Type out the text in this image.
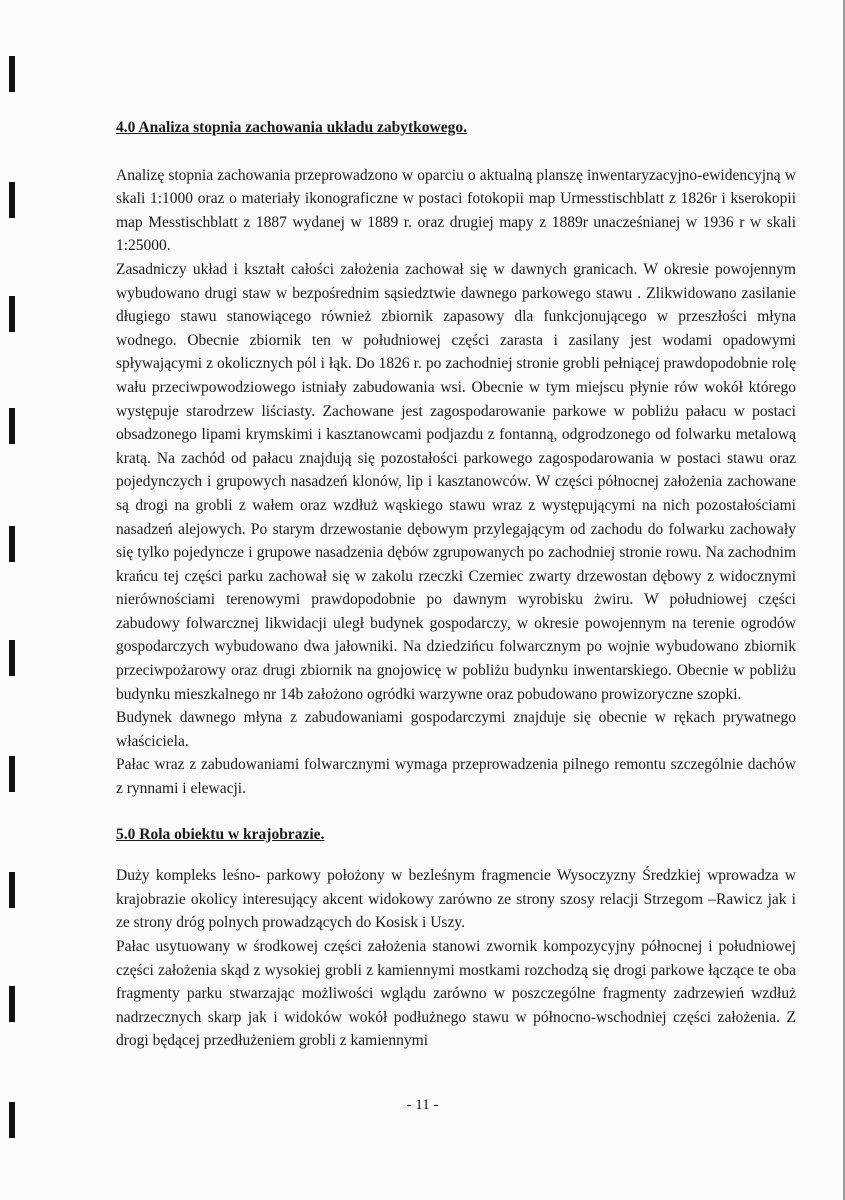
4.0 Analiza stopnia zachowania układu zabytkowego.

Analizę stopnia zachowania przeprowadzono w oparciu o aktualną planszę inwentaryzacyjno-ewidencyjną w skali 1:1000 oraz o materiały ikonograficzne w postaci fotokopii map Urmesstischblatt z 1826r i kserokopii map Messtischblatt z 1887 wydanej w 1889 r. oraz drugiej mapy z 1889r unacześnianej w 1936 r w skali 1:25000.

Zasadniczy układ i kształt całości założenia zachował się w dawnych granicach. W okresie powojennym wybudowano drugi staw w bezpośrednim sąsiedztwie dawnego parkowego stawu . Zlikwidowano zasilanie długiego stawu stanowiącego również zbiornik zapasowy dla funkcjonującego w przeszłości młyna wodnego. Obecnie zbiornik ten w południowej części zarasta i zasilany jest wodami opadowymi spływającymi z okolicznych pól i łąk. Do 1826 r. po zachodniej stronie grobli pełniącej prawdopodobnie rolę wału przeciwpowodziowego istniały zabudowania wsi. Obecnie w tym miejscu płynie rów wokół którego występuje starodrzew liściasty. Zachowane jest zagospodarowanie parkowe w pobliżu pałacu w postaci obsadzonego lipami krymskimi i kasztanowcami podjazdu z fontanną, odgrodzonego od folwarku metalową kratą. Na zachód od pałacu znajdują się pozostałości parkowego zagospodarowania w postaci stawu oraz pojedynczych i grupowych nasadzeń klonów, lip i kasztanowców. W części północnej założenia zachowane są drogi na grobli z wałem oraz wzdłuż wąskiego stawu wraz z występującymi na nich pozostałościami nasadzeń alejowych. Po starym drzewostanie dębowym przylegającym od zachodu do folwarku zachowały się tylko pojedyncze i grupowe nasadzenia dębów zgrupowanych po zachodniej stronie rowu. Na zachodnim krańcu tej części parku zachował się w zakolu rzeczki Czerniec zwarty drzewostan dębowy z widocznymi nierównościami terenowymi prawdopodobnie po dawnym wyrobisku żwiru. W południowej części zabudowy folwarcznej likwidacji uległ budynek gospodarczy, w okresie powojennym na terenie ogrodów gospodarczych wybudowano dwa jałowniki. Na dziedzińcu folwarcznym po wojnie wybudowano zbiornik przeciwpożarowy oraz drugi zbiornik na gnojowicę w pobliżu budynku inwentarskiego. Obecnie w pobliżu budynku mieszkalnego nr 14b założono ogródki warzywne oraz pobudowano prowizoryczne szopki.

Budynek dawnego młyna z zabudowaniami gospodarczymi znajduje się obecnie w rękach prywatnego właściciela.

Pałac wraz z zabudowaniami folwarcznymi wymaga przeprowadzenia pilnego remontu szczególnie dachów z rynnami i elewacji.

5.0 Rola obiektu w krajobrazie.

Duży kompleks leśno- parkowy położony w bezleśnym fragmencie Wysoczyzny Średzkiej wprowadza w krajobrazie okolicy interesujący akcent widokowy zarówno ze strony szosy relacji Strzegom –Rawicz jak i ze strony dróg polnych prowadzących do Kosisk i Uszy.

Pałac usytuowany w środkowej części założenia stanowi zwornik kompozycyjny północnej i południowej części założenia skąd z wysokiej grobli z kamiennymi mostkami rozchodzą się drogi parkowe łączące te oba fragmenty parku stwarzając możliwości wglądu zarówno w poszczególne fragmenty zadrzewień wzdłuż nadrzecznych skarp jak i widoków wokół podłużnego stawu w północno-wschodniej części założenia. Z drogi będącej przedłużeniem grobli z kamiennymi

- 11 -
